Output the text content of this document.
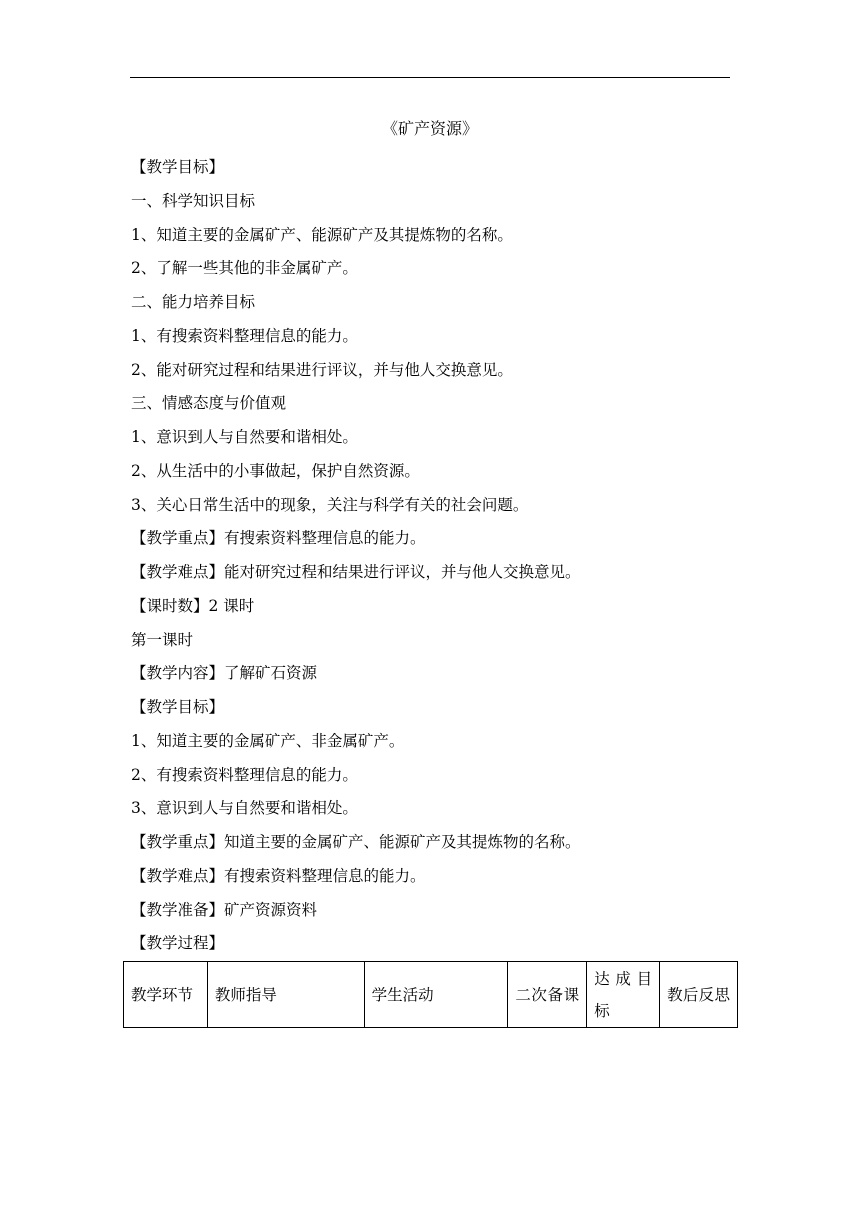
《矿产资源》
【教学目标】
一、科学知识目标
1、知道主要的金属矿产、能源矿产及其提炼物的名称。
2、了解一些其他的非金属矿产。
二、能力培养目标
1、有搜索资料整理信息的能力。
2、能对研究过程和结果进行评议，并与他人交换意见。
三、情感态度与价值观
1、意识到人与自然要和谐相处。
2、从生活中的小事做起，保护自然资源。
3、关心日常生活中的现象，关注与科学有关的社会问题。
【教学重点】有搜索资料整理信息的能力。
【教学难点】能对研究过程和结果进行评议，并与他人交换意见。
【课时数】2 课时
第一课时
【教学内容】了解矿石资源
【教学目标】
1、知道主要的金属矿产、非金属矿产。
2、有搜索资料整理信息的能力。
3、意识到人与自然要和谐相处。
【教学重点】知道主要的金属矿产、能源矿产及其提炼物的名称。
【教学难点】有搜索资料整理信息的能力。
【教学准备】矿产资源资料
【教学过程】
教学环节	教师指导	学生活动	二次备课	达成目标	教后反思
